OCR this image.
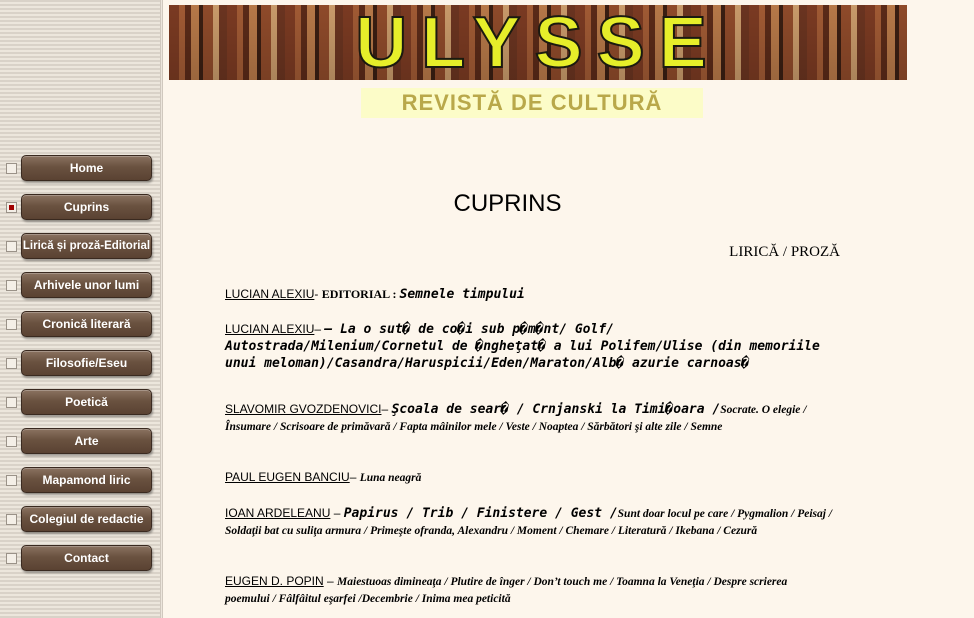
Home
Cuprins
Lirică și proză-Editorial
Arhivele unor lumi
Cronică literară
Filosofie/Eseu
Poetică
Arte
Mapamond liric
Colegiul de redactie
Contact
ULYSSE
REVISTĂ DE CULTURĂ
CUPRINS
LIRICĂ / PROZĂ
LUCIAN ALEXIU- EDITORIAL : Semnele timpului
LUCIAN ALEXIU– – La o sut� de co�i sub p�m�nt/ Golf/ Autostrada/Milenium/Cornetul de �ngheţat� a lui Polifem/Ulise (din memoriile unui meloman)/Casandra/Haruspicii/Eden/Maraton/Alb� azurie carnoas�
SLAVOMIR GVOZDENOVICI– Şcoala de sear� / Crnjanski la Timi�oara /Socrate. O elegie / Însumare / Scrisoare de primăvară / Fapta mâinilor mele / Veste / Noaptea / Sărbători şi alte zile / Semne
PAUL EUGEN BANCIU– Luna neagră
IOAN ARDELEANU – Papirus / Trib / Finistere / Gest /Sunt doar locul pe care / Pygmalion / Peisaj / Soldaţii bat cu suliţa armura / Primeşte ofranda, Alexandru / Moment / Chemare / Literatură / Ikebana / Cezură
EUGEN D. POPIN – Maiestuoas dimineaţa / Plutire de înger / Don’t touch me / Toamna la Veneţia / Despre scrierea poemului / Fâlfâitul eşarfei /Decembrie / Inima mea peticită
